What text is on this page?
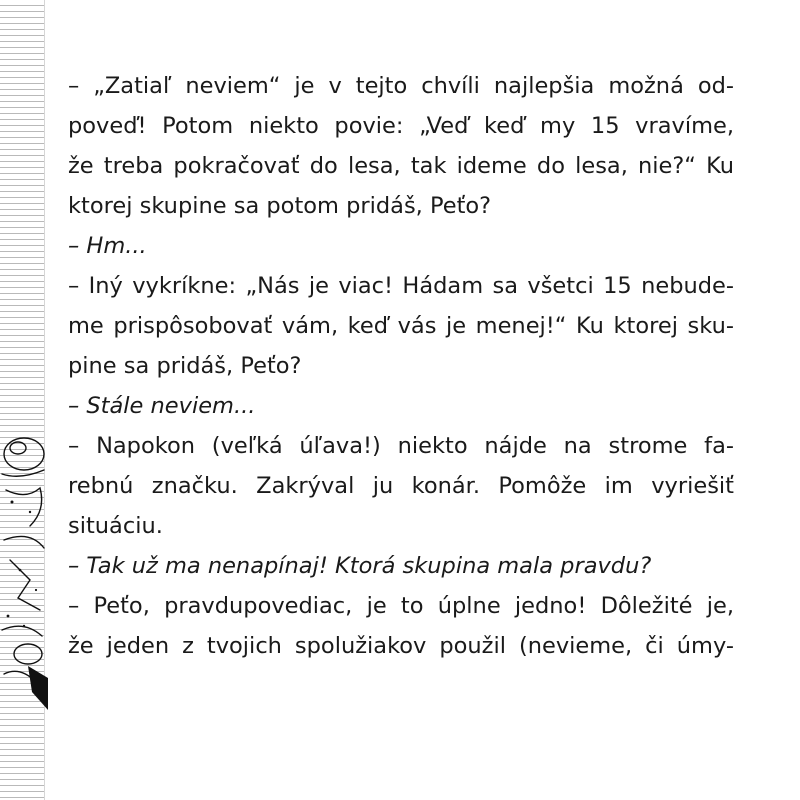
– „Zatiaľ neviem“ je v tejto chvíli najlepšia možná od-
poveď! Potom niekto povie: „Veď keď my 15 vravíme,
že treba pokračovať do lesa, tak ideme do lesa, nie?“ Ku
ktorej skupine sa potom pridáš, Peťo?
– Hm...
– Iný vykríkne: „Nás je viac! Hádam sa všetci 15 nebude-
me prispôsobovať vám, keď vás je menej!“ Ku ktorej sku-
pine sa pridáš, Peťo?
– Stále neviem...
– Napokon (veľká úľava!) niekto nájde na strome fa-
rebnú značku. Zakrýval ju konár. Pomôže im vyriešiť
situáciu.
– Tak už ma nenapínaj! Ktorá skupina mala pravdu?
– Peťo, pravdupovediac, je to úplne jedno! Dôležité je,
že jeden z tvojich spolužiakov použil (nevieme, či úmy-
